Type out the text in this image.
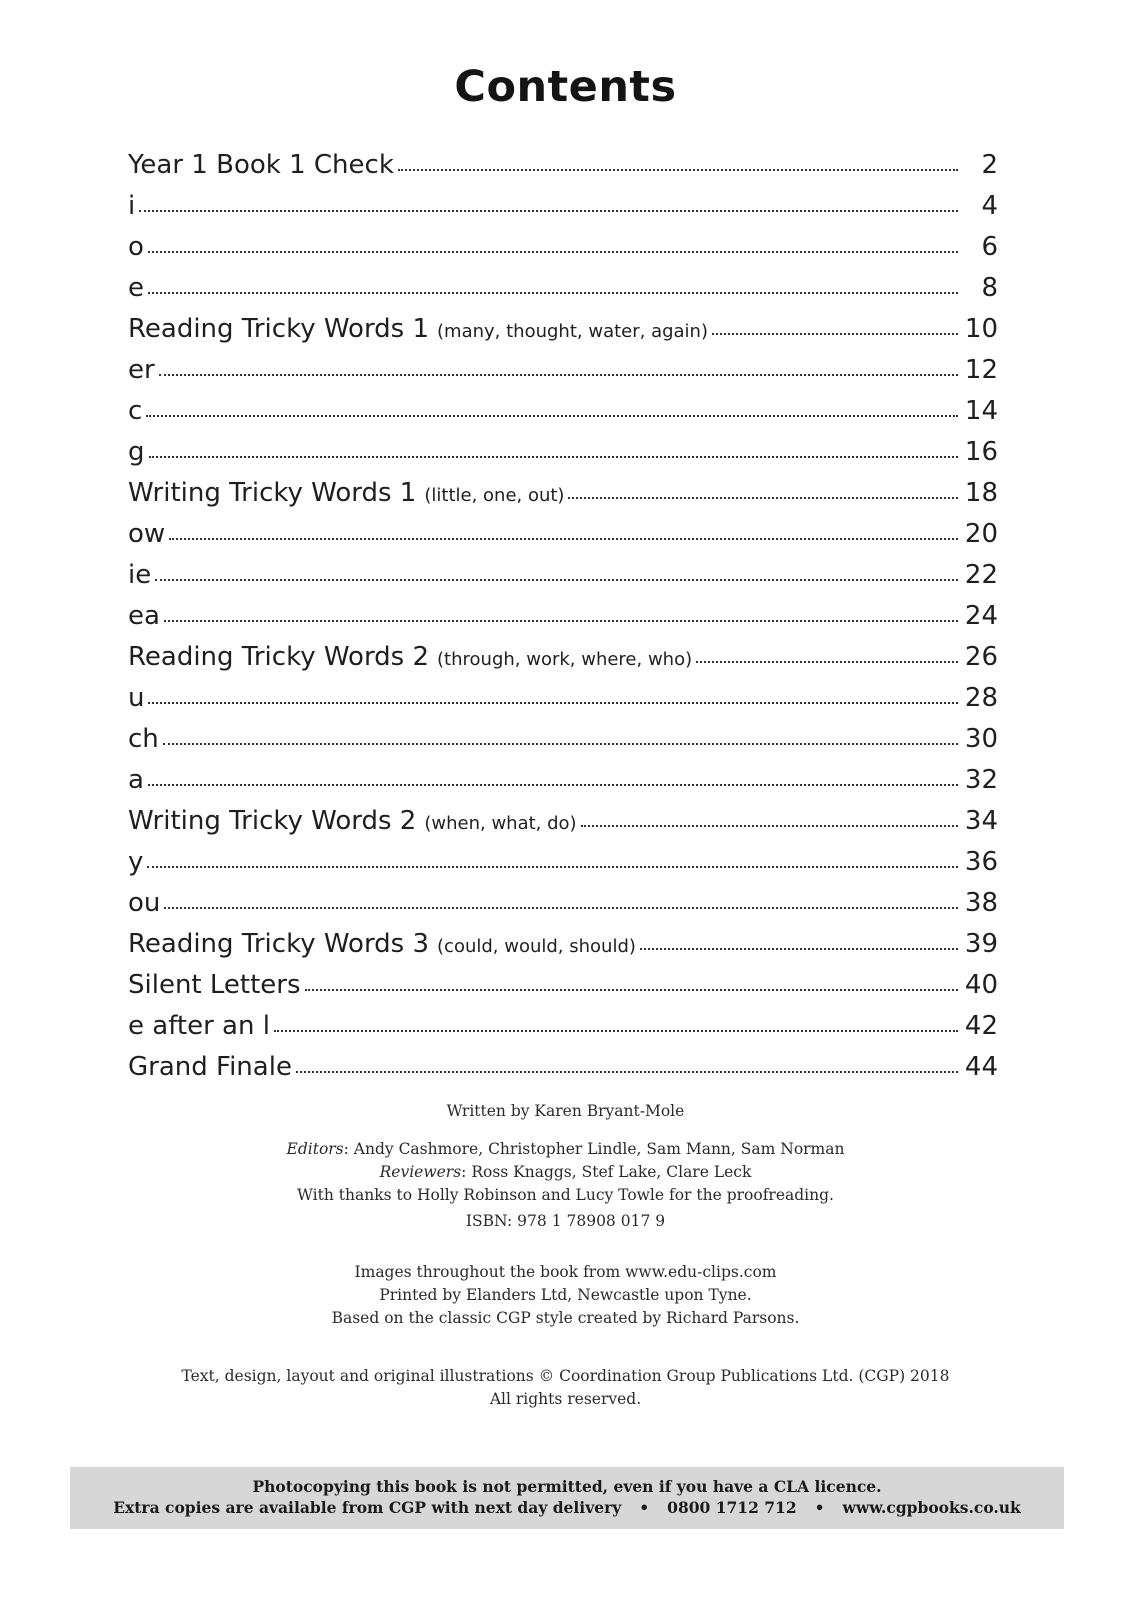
Contents
Year 1 Book 1 Check	2
i	4
o	6
e	8
Reading Tricky Words 1 (many, thought, water, again)	10
er	12
c	14
g	16
Writing Tricky Words 1 (little, one, out)	18
ow	20
ie	22
ea	24
Reading Tricky Words 2 (through, work, where, who)	26
u	28
ch	30
a	32
Writing Tricky Words 2 (when, what, do)	34
y	36
ou	38
Reading Tricky Words 3 (could, would, should)	39
Silent Letters	40
e after an l	42
Grand Finale	44

Written by Karen Bryant-Mole

Editors: Andy Cashmore, Christopher Lindle, Sam Mann, Sam Norman

Reviewers: Ross Knaggs, Stef Lake, Clare Leck

With thanks to Holly Robinson and Lucy Towle for the proofreading.

ISBN: 978 1 78908 017 9

Images throughout the book from www.edu-clips.com

Printed by Elanders Ltd, Newcastle upon Tyne.

Based on the classic CGP style created by Richard Parsons.

Text, design, layout and original illustrations © Coordination Group Publications Ltd. (CGP) 2018

All rights reserved.

Photocopying this book is not permitted, even if you have a CLA licence.

Extra copies are available from CGP with next day delivery • 0800 1712 712 • www.cgpbooks.co.uk
